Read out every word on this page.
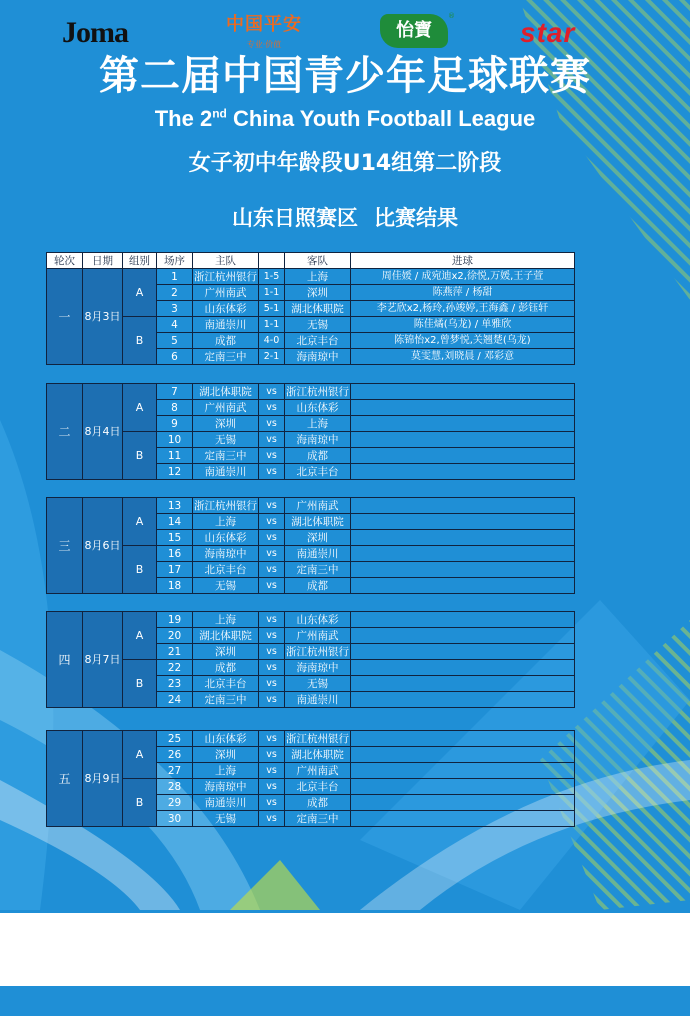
第二届中国青少年足球联赛
The 2nd China Youth Football League
女子初中年龄段U14组第二阶段
山东日照赛区 比赛结果
轮次	日期	组别	场序	主队		客队	进球
一	8月3日	A	1	浙江杭州银行	1-5	上海	周佳媛 / 成宛迪x2,徐悦,万媛,王子萱
			2	广州南武	1-1	深圳	陈燕萍 / 杨甜
			3	山东体彩	5-1	湖北体职院	李艺欣x2,杨玲,孙竣婷,王海鑫 / 彭钰轩
		B	4	南通崇川	1-1	无锡	陈佳燏(乌龙) / 单雅欣
			5	成都	4-0	北京丰台	陈锦怡x2,曾梦悦,关翘楚(乌龙)
			6	定南三中	2-1	海南琼中	莫雯慧,刘晓晨 / 邓彩意
二	8月4日	A	7	湖北体职院	vs	浙江杭州银行	
			8	广州南武	vs	山东体彩	
			9	深圳	vs	上海	
		B	10	无锡	vs	海南琼中	
			11	定南三中	vs	成都	
			12	南通崇川	vs	北京丰台	
三	8月6日	A	13	浙江杭州银行	vs	广州南武	
			14	上海	vs	湖北体职院	
			15	山东体彩	vs	深圳	
		B	16	海南琼中	vs	南通崇川	
			17	北京丰台	vs	定南三中	
			18	无锡	vs	成都	
四	8月7日	A	19	上海	vs	山东体彩	
			20	湖北体职院	vs	广州南武	
			21	深圳	vs	浙江杭州银行	
		B	22	成都	vs	海南琼中	
			23	北京丰台	vs	无锡	
			24	定南三中	vs	南通崇川	
五	8月9日	A	25	山东体彩	vs	浙江杭州银行	
			26	深圳	vs	湖北体职院	
			27	上海	vs	广州南武	
		B	28	海南琼中	vs	北京丰台	
			29	南通崇川	vs	成都	
			30	无锡	vs	定南三中	
Joma	中国平安
专业·价值
怡寶
®
star
